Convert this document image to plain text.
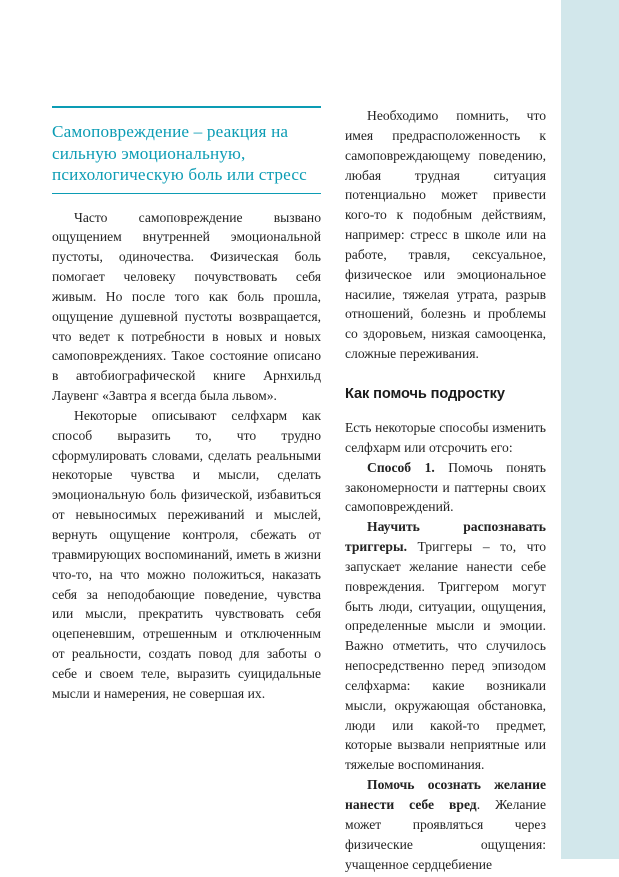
Самоповреждение – реакция на сильную эмоциональную, психологическую боль или стресс

Часто самоповреждение вызвано ощущением внутренней эмоциональной пустоты, одиночества. Физическая боль помогает человеку почувствовать себя живым. Но после того как боль прошла, ощущение душевной пустоты возвращается, что ведет к потребности в новых и новых самоповреждениях. Такое состояние описано в автобиографической книге Арнхильд Лаувенг «Завтра я всегда была львом».

Некоторые описывают селфхарм как способ выразить то, что трудно сформулировать словами, сделать реальными некоторые чувства и мысли, сделать эмоциональную боль физической, избавиться от невыносимых переживаний и мыслей, вернуть ощущение контроля, сбежать от травмирующих воспоминаний, иметь в жизни что-то, на что можно положиться, наказать себя за неподобающие поведение, чувства или мысли, прекратить чувствовать себя оцепеневшим, отрешенным и отключенным от реальности, создать повод для заботы о себе и своем теле, выразить суицидальные мысли и намерения, не совершая их.

Необходимо помнить, что имея предрасположенность к самоповреждающему поведению, любая трудная ситуация потенциально может привести кого-то к подобным действиям, например: стресс в школе или на работе, травля, сексуальное, физическое или эмоциональное насилие, тяжелая утрата, разрыв отношений, болезнь и проблемы со здоровьем, низкая самооценка, сложные переживания.

Как помочь подростку

Есть некоторые способы изменить селфхарм или отсрочить его:

Способ 1. Помочь понять закономерности и паттерны своих самоповреждений.

Научить распознавать триггеры. Триггеры – то, что запускает желание нанести себе повреждения. Триггером могут быть люди, ситуации, ощущения, определенные мысли и эмоции. Важно отметить, что случилось непосредственно перед эпизодом селфхарма: какие возникали мысли, окружающая обстановка, люди или какой-то предмет, которые вызвали неприятные или тяжелые воспоминания.

Помочь осознать желание нанести себе вред. Желание может проявляться через физические ощущения: учащенное сердцебиение
